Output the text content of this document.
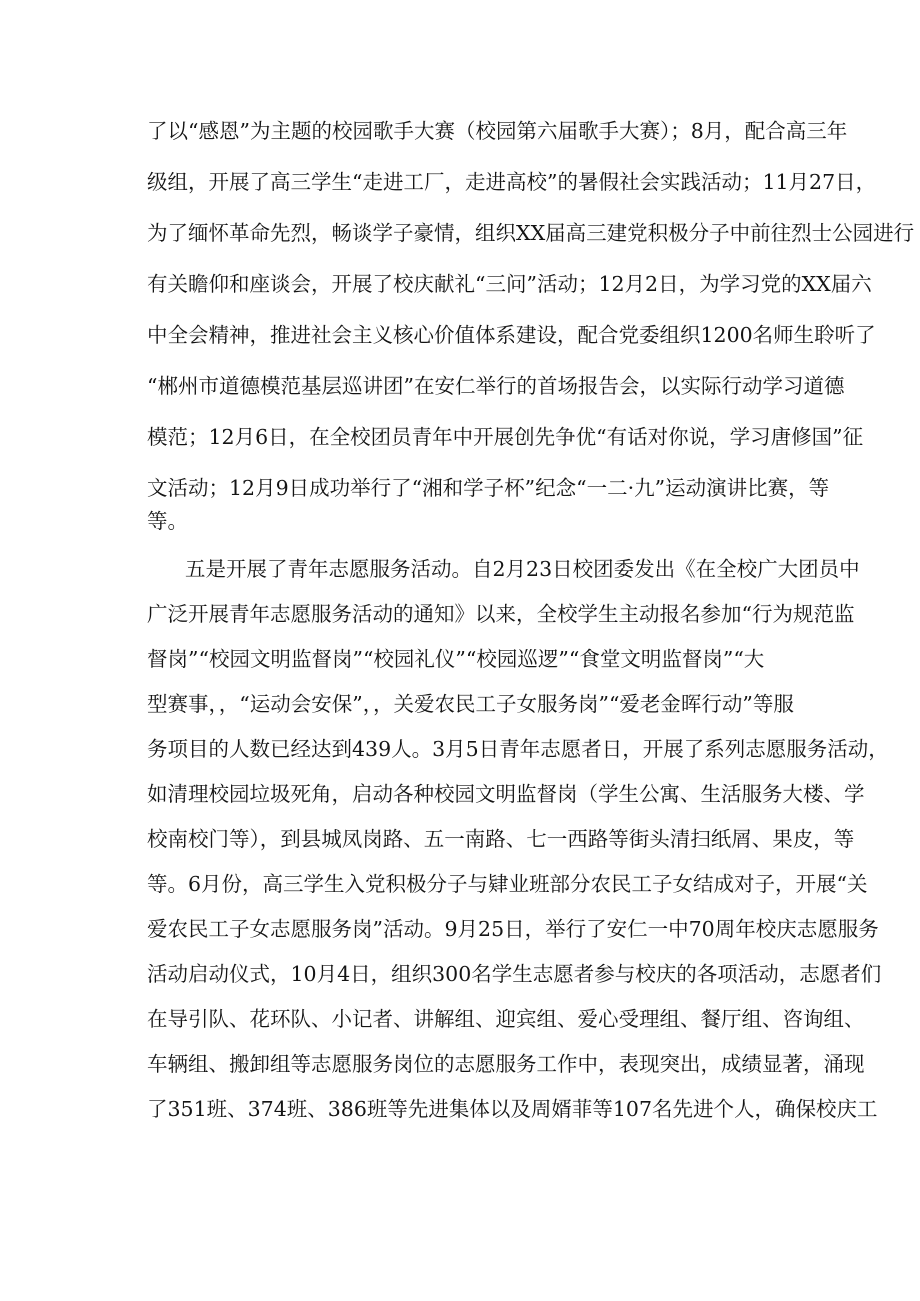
了以“感恩”为主题的校园歌手大赛（校园第六届歌手大赛）；8月，配合高三年
级组，开展了高三学生“走进工厂，走进高校”的暑假社会实践活动；11月27日，
为了缅怀革命先烈，畅谈学子豪情，组织XX届高三建党积极分子中前往烈士公园进行
有关瞻仰和座谈会，开展了校庆献礼“三问”活动；12月2日，为学习党的XX届六
中全会精神，推进社会主义核心价值体系建设，配合党委组织1200名师生聆听了
“郴州市道德模范基层巡讲团”在安仁举行的首场报告会，以实际行动学习道德
模范；12月6日，在全校团员青年中开展创先争优“有话对你说，学习唐修国”征
文活动；12月9日成功举行了“湘和学子杯”纪念“一二·九”运动演讲比赛，等
等。
五是开展了青年志愿服务活动。自2月23日校团委发出《在全校广大团员中
广泛开展青年志愿服务活动的通知》以来，全校学生主动报名参加“行为规范监
督岗”“校园文明监督岗”“校园礼仪”“校园巡逻”“食堂文明监督岗”“大
型赛事，，“运动会安保”，，关爱农民工子女服务岗”“爱老金晖行动”等服
务项目的人数已经达到439人。3月5日青年志愿者日，开展了系列志愿服务活动，
如清理校园垃圾死角，启动各种校园文明监督岗（学生公寓、生活服务大楼、学
校南校门等），到县城凤岗路、五一南路、七一西路等街头清扫纸屑、果皮，等
等。6月份，高三学生入党积极分子与肄业班部分农民工子女结成对子，开展“关
爱农民工子女志愿服务岗”活动。9月25日，举行了安仁一中70周年校庆志愿服务
活动启动仪式，10月4日，组织300名学生志愿者参与校庆的各项活动，志愿者们
在导引队、花环队、小记者、讲解组、迎宾组、爱心受理组、餐厅组、咨询组、
车辆组、搬卸组等志愿服务岗位的志愿服务工作中，表现突出，成绩显著，涌现
了351班、374班、386班等先进集体以及周婿菲等107名先进个人，确保校庆工
